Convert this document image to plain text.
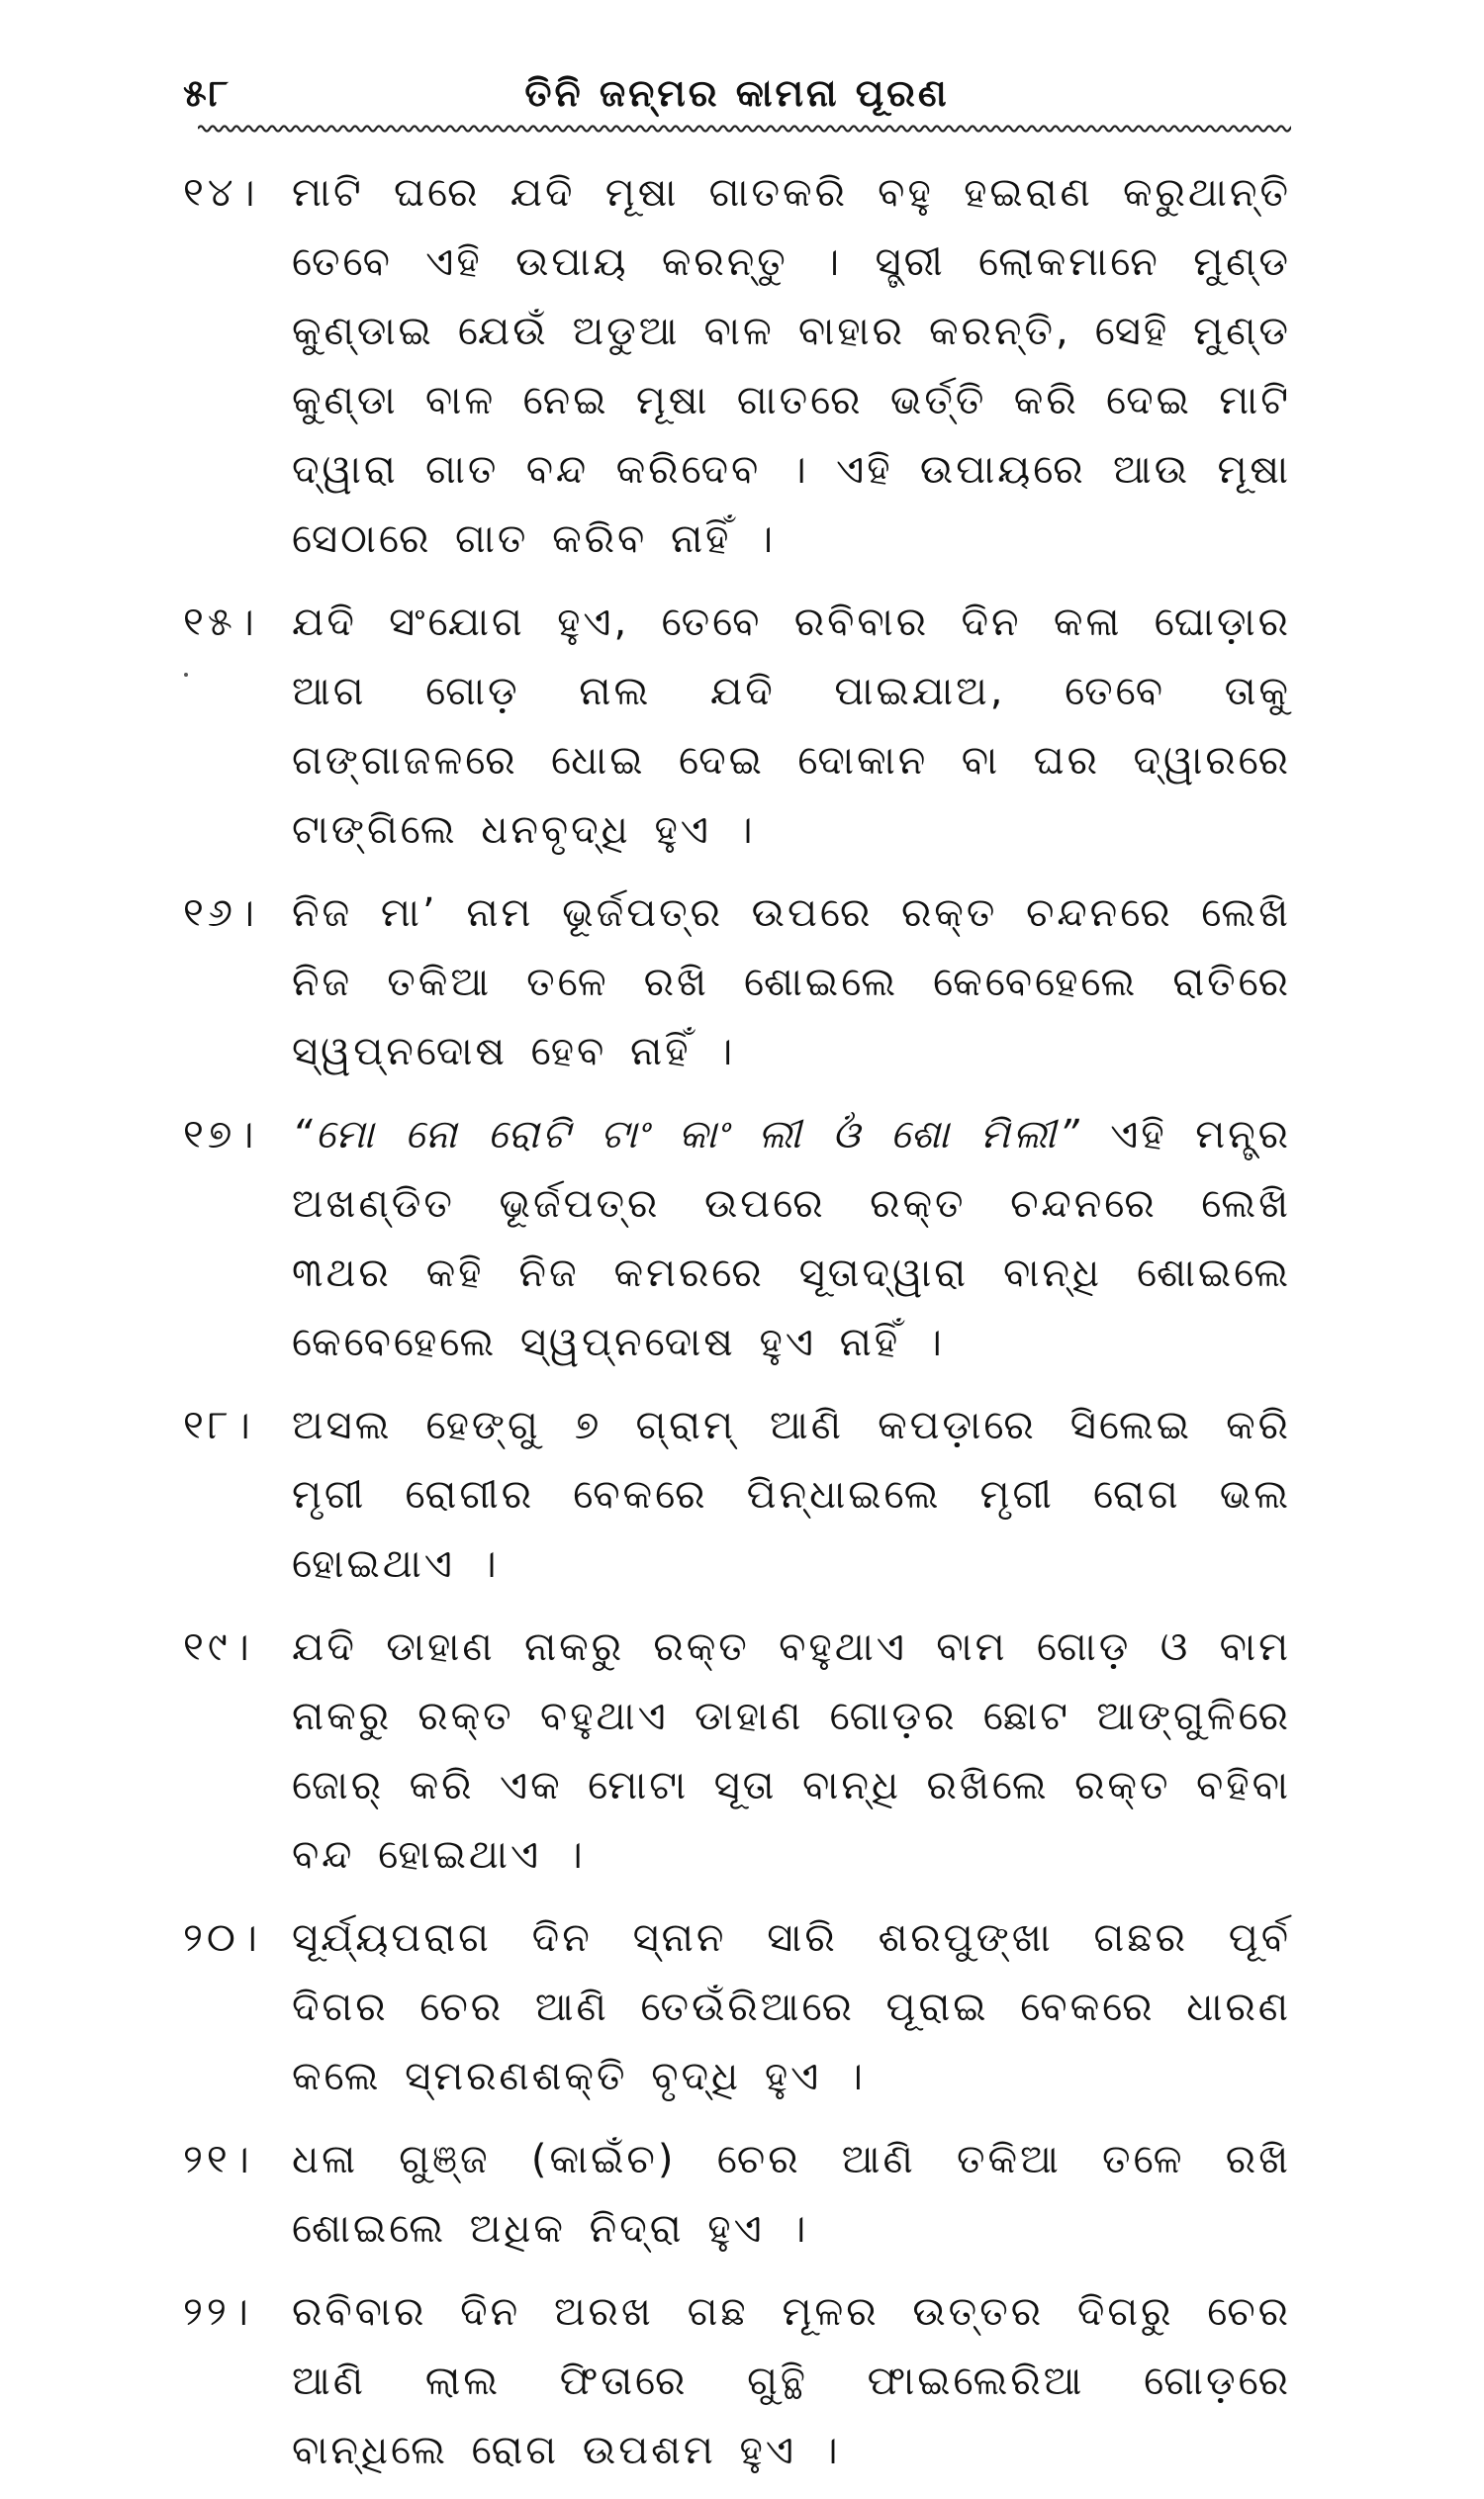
୫୮	ତିନି ଜନ୍ମର କାମନା ପୂରଣ
୧୪। ମାଟି ଘରେ ଯଦି ମୂଷା ଗାତକରି ବହୁ ହଇରାଣ କରୁଥାନ୍ତି ତେବେ ଏହି ଉପାୟ କରନ୍ତୁ । ସ୍ତ୍ରୀ ଲୋକମାନେ ମୁଣ୍ଡ କୁଣ୍ଡାଇ ଯେଉଁ ଅଡୁଆ ବାଳ ବାହାର କରନ୍ତି, ସେହି ମୁଣ୍ଡ କୁଣ୍ଡା ବାଳ ନେଇ ମୂଷା ଗାତରେ ଭର୍ତ୍ତି କରି ଦେଇ ମାଟି ଦ୍ୱାରା ଗାତ ବନ୍ଦ କରିଦେବ । ଏହି ଉପାୟରେ ଆଉ ମୂଷା ସେଠାରେ ଗାତ କରିବ ନାହିଁ ।
୧୫। ଯଦି ସଂଯୋଗ ହୁଏ, ତେବେ ରବିବାର ଦିନ କଳା ଘୋଡ଼ାର ଆଗ ଗୋଡ଼ ନାଲ ଯଦି ପାଇଯାଅ, ତେବେ ତାକୁ ଗଙ୍ଗାଜଳରେ ଧୋଇ ଦେଇ ଦୋକାନ ବା ଘର ଦ୍ୱାରରେ ଟାଙ୍ଗିଲେ ଧନବୃଦ୍ଧି ହୁଏ ।
୧୬। ନିଜ ମା’ ନାମ ଭୂର୍ଜପତ୍ର ଉପରେ ରକ୍ତ ଚନ୍ଦନରେ ଲେଖି ନିଜ ତକିଆ ତଳେ ରଖି ଶୋଇଲେ କେବେହେଲେ ରାତିରେ ସ୍ୱପ୍ନଦୋଷ ହେବ ନାହିଁ ।
୧୭। “ମୋ ନୋ ରୋଟି ଟାଂ କାଂ ଲୀ ଓଁ ଶୋ ମିଲୀ” ଏହି ମନ୍ତ୍ର ଅଖଣ୍ଡିତ ଭୂର୍ଜପତ୍ର ଉପରେ ରକ୍ତ ଚନ୍ଦନରେ ଲେଖି ୩ଥର କହି ନିଜ କମରରେ ସୂତାଦ୍ୱାରା ବାନ୍ଧି ଶୋଇଲେ କେବେହେଲେ ସ୍ୱପ୍ନଦୋଷ ହୁଏ ନାହିଁ ।
୧୮। ଅସଲ ହେଙ୍ଗୁ ୭ ଗ୍ରାମ୍ ଆଣି କପଡ଼ାରେ ସିଲେଇ କରି ମୃଗୀ ରୋଗୀର ବେକରେ ପିନ୍ଧାଇଲେ ମୃଗୀ ରୋଗ ଭଲ ହୋଇଥାଏ ।
୧୯। ଯଦି ଡାହାଣ ନାକରୁ ରକ୍ତ ବହୁଥାଏ ବାମ ଗୋଡ଼ ଓ ବାମ ନାକରୁ ରକ୍ତ ବହୁଥାଏ ଡାହାଣ ଗୋଡ଼ର ଛୋଟ ଆଙ୍ଗୁଳିରେ ଜୋର୍ କରି ଏକ ମୋଟା ସୂତା ବାନ୍ଧି ରଖିଲେ ରକ୍ତ ବହିବା ବନ୍ଦ ହୋଇଥାଏ ।
୨୦। ସୂର୍ଯ୍ୟପରାଗ ଦିନ ସ୍ନାନ ସାରି ଶରପୁଙ୍ଖା ଗଛର ପୂର୍ବ ଦିଗର ଚେର ଆଣି ତେଉଁରିଆରେ ପୂରାଇ ବେକରେ ଧାରଣ କଲେ ସ୍ମରଣଶକ୍ତି ବୃଦ୍ଧି ହୁଏ ।
୨୧। ଧଳା ଗୁଞ୍ଜ (କାଇଁଚ) ଚେର ଆଣି ତକିଆ ତଳେ ରଖି ଶୋଇଲେ ଅଧିକ ନିଦ୍ରା ହୁଏ ।
୨୨।	ରବିବାର ଦିନ ଅରଖ ଗଛ ମୂଳର ଉତ୍ତର ଦିଗରୁ ଚେର ଆଣି ଲାଲ ଫିତାରେ ଗୁନ୍ଥି ଫାଇଲେରିଆ ଗୋଡ଼ରେ ବାନ୍ଧିଲେ ରୋଗ ଉପଶମ ହୁଏ ।
